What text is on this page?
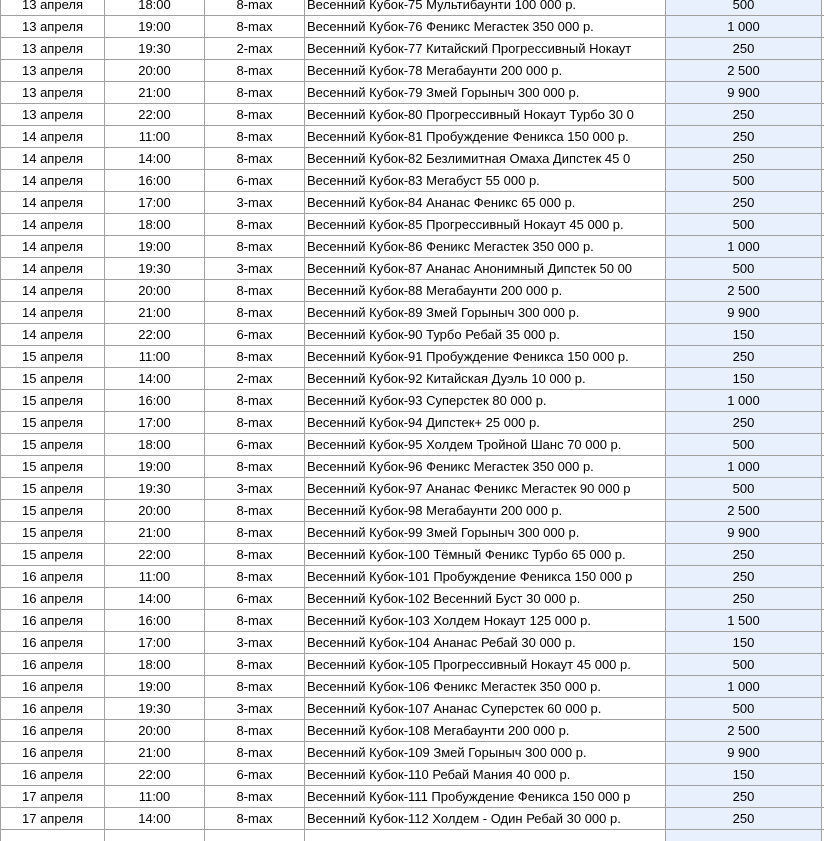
13 апреля	18:00	8-max	Весенний Кубок-75 Мультибаунти 100 000 р.	500	
13 апреля	19:00	8-max	Весенний Кубок-76 Феникс Мегастек 350 000 р.	1 000	
13 апреля	19:30	2-max	Весенний Кубок-77 Китайский Прогрессивный Нокаут	250	
13 апреля	20:00	8-max	Весенний Кубок-78 Мегабаунти 200 000 р.	2 500	
13 апреля	21:00	8-max	Весенний Кубок-79 Змей Горыныч 300 000 р.	9 900	
13 апреля	22:00	8-max	Весенний Кубок-80 Прогрессивный Нокаут Турбо 30 0	250	
14 апреля	11:00	8-max	Весенний Кубок-81 Пробуждение Феникса 150 000 р.	250	
14 апреля	14:00	8-max	Весенний Кубок-82 Безлимитная Омаха Дипстек 45 0	250	
14 апреля	16:00	6-max	Весенний Кубок-83 Мегабуст 55 000 р.	500	
14 апреля	17:00	3-max	Весенний Кубок-84 Ананас Феникс 65 000 р.	250	
14 апреля	18:00	8-max	Весенний Кубок-85 Прогрессивный Нокаут 45 000 р.	500	
14 апреля	19:00	8-max	Весенний Кубок-86 Феникс Мегастек 350 000 р.	1 000	
14 апреля	19:30	3-max	Весенний Кубок-87 Ананас Анонимный Дипстек 50 00	500	
14 апреля	20:00	8-max	Весенний Кубок-88 Мегабаунти 200 000 р.	2 500	
14 апреля	21:00	8-max	Весенний Кубок-89 Змей Горыныч 300 000 р.	9 900	
14 апреля	22:00	6-max	Весенний Кубок-90 Турбо Ребай 35 000 р.	150	
15 апреля	11:00	8-max	Весенний Кубок-91 Пробуждение Феникса 150 000 р.	250	
15 апреля	14:00	2-max	Весенний Кубок-92 Китайская Дуэль 10 000 р.	150	
15 апреля	16:00	8-max	Весенний Кубок-93 Суперстек 80 000 р.	1 000	
15 апреля	17:00	8-max	Весенний Кубок-94 Дипстек+ 25 000 р.	250	
15 апреля	18:00	6-max	Весенний Кубок-95 Холдем Тройной Шанс 70 000 р.	500	
15 апреля	19:00	8-max	Весенний Кубок-96 Феникс Мегастек 350 000 р.	1 000	
15 апреля	19:30	3-max	Весенний Кубок-97 Ананас Феникс Мегастек 90 000 р	500	
15 апреля	20:00	8-max	Весенний Кубок-98 Мегабаунти 200 000 р.	2 500	
15 апреля	21:00	8-max	Весенний Кубок-99 Змей Горыныч 300 000 р.	9 900	
15 апреля	22:00	8-max	Весенний Кубок-100 Тёмный Феникс Турбо 65 000 р.	250	
16 апреля	11:00	8-max	Весенний Кубок-101 Пробуждение Феникса 150 000 р	250	
16 апреля	14:00	6-max	Весенний Кубок-102 Весенний Буст 30 000 р.	250	
16 апреля	16:00	8-max	Весенний Кубок-103 Холдем Нокаут 125 000 р.	1 500	
16 апреля	17:00	3-max	Весенний Кубок-104 Ананас Ребай 30 000 р.	150	
16 апреля	18:00	8-max	Весенний Кубок-105 Прогрессивный Нокаут 45 000 р.	500	
16 апреля	19:00	8-max	Весенний Кубок-106 Феникс Мегастек 350 000 р.	1 000	
16 апреля	19:30	3-max	Весенний Кубок-107 Ананас Суперстек 60 000 р.	500	
16 апреля	20:00	8-max	Весенний Кубок-108 Мегабаунти 200 000 р.	2 500	
16 апреля	21:00	8-max	Весенний Кубок-109 Змей Горыныч 300 000 р.	9 900	
16 апреля	22:00	6-max	Весенний Кубок-110 Ребай Мания 40 000 р.	150	
17 апреля	11:00	8-max	Весенний Кубок-111 Пробуждение Феникса 150 000 р	250	
17 апреля	14:00	8-max	Весенний Кубок-112 Холдем - Один Ребай 30 000 р.	250	
